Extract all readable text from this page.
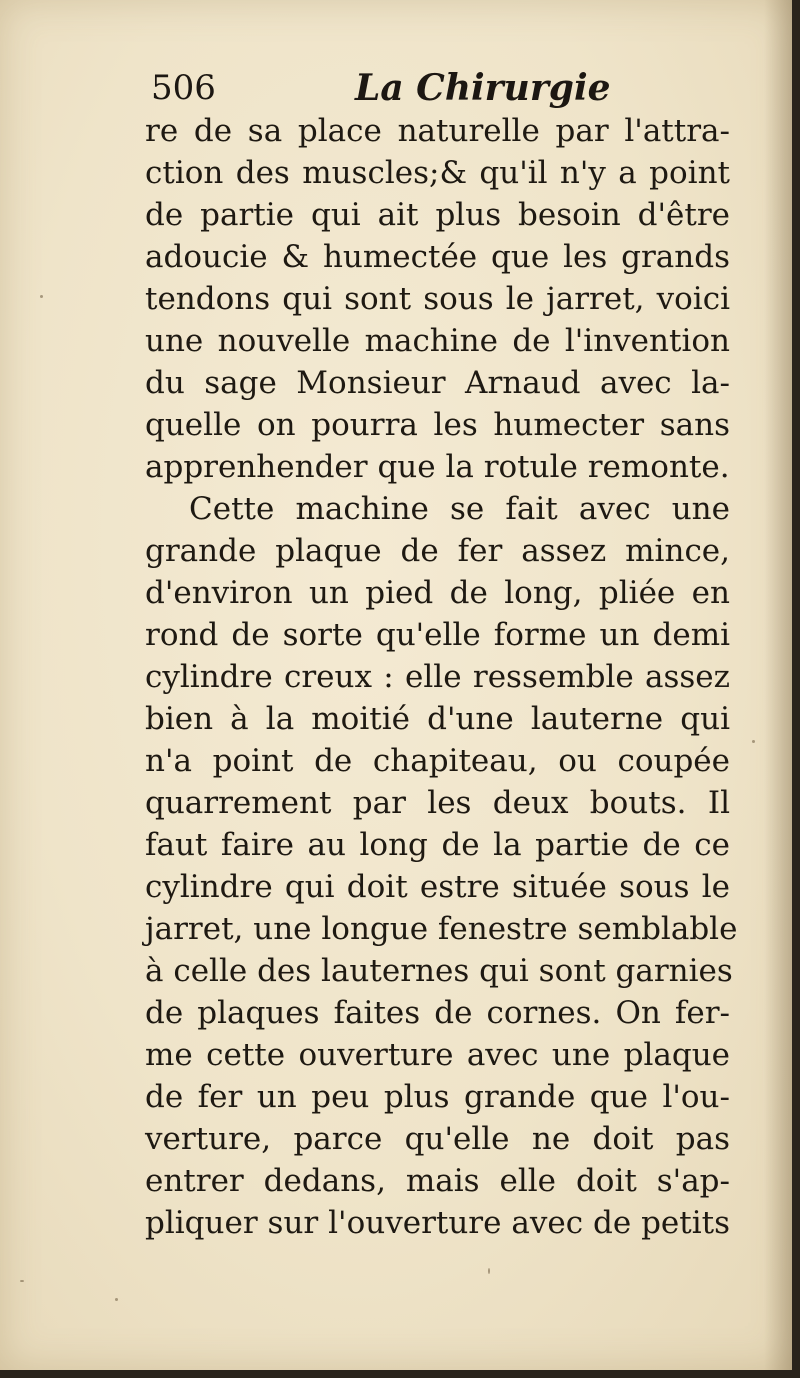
506	La Chirurgie
re de sa place naturelle par l'attra-
ction des muscles;& qu'il n'y a point
de partie qui ait plus besoin d'être
adoucie & humectée que les grands
tendons qui sont sous le jarret, voici
une nouvelle machine de l'invention
du sage Monsieur Arnaud avec la-
quelle on pourra les humecter sans
apprenhender que la rotule remonte.
Cette machine se fait avec une
grande plaque de fer assez mince,
d'environ un pied de long, pliée en
rond de sorte qu'elle forme un demi
cylindre creux : elle ressemble assez
bien à la moitié d'une lauterne qui
n'a point de chapiteau, ou coupée
quarrement par les deux bouts. Il
faut faire au long de la partie de ce
cylindre qui doit estre située sous le
jarret, une longue fenestre semblable
à celle des lauternes qui sont garnies
de plaques faites de cornes. On fer-
me cette ouverture avec une plaque
de fer un peu plus grande que l'ou-
verture, parce qu'elle ne doit pas
entrer dedans, mais elle doit s'ap-
pliquer sur l'ouverture avec de petits
